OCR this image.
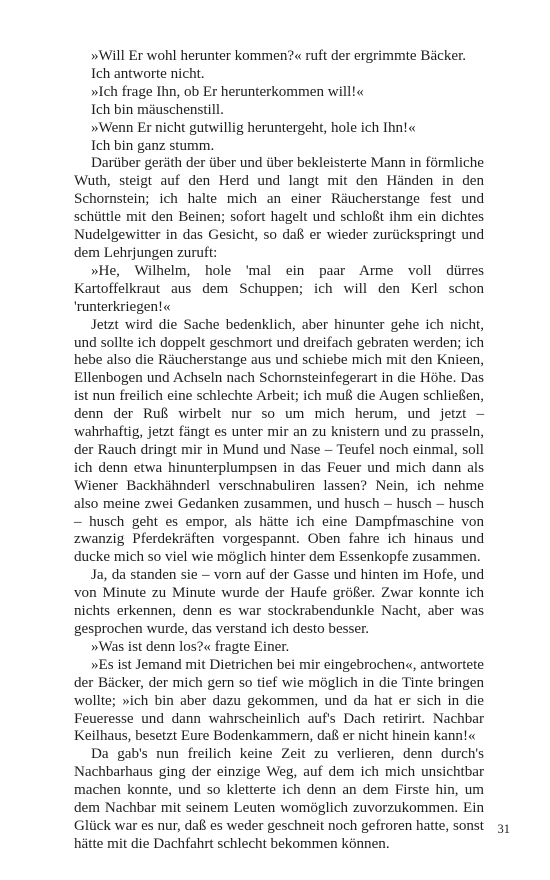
»Will Er wohl herunter kommen?« ruft der ergrimmte Bäcker.

Ich antworte nicht.

»Ich frage Ihn, ob Er herunterkommen will!«

Ich bin mäuschenstill.

»Wenn Er nicht gutwillig heruntergeht, hole ich Ihn!«

Ich bin ganz stumm.

Darüber geräth der über und über bekleisterte Mann in förmliche Wuth, steigt auf den Herd und langt mit den Händen in den Schornstein; ich halte mich an einer Räucherstange fest und schüttle mit den Beinen; sofort hagelt und schloßt ihm ein dichtes Nudelgewitter in das Gesicht, so daß er wieder zurückspringt und dem Lehrjungen zuruft:

»He, Wilhelm, hole 'mal ein paar Arme voll dürres Kartoffelkraut aus dem Schuppen; ich will den Kerl schon 'runterkriegen!«

Jetzt wird die Sache bedenklich, aber hinunter gehe ich nicht, und sollte ich doppelt geschmort und dreifach gebraten werden; ich hebe also die Räucherstange aus und schiebe mich mit den Knieen, Ellenbogen und Achseln nach Schornsteinfegerart in die Höhe. Das ist nun freilich eine schlechte Arbeit; ich muß die Augen schließen, denn der Ruß wirbelt nur so um mich herum, und jetzt – wahrhaftig, jetzt fängt es unter mir an zu knistern und zu prasseln, der Rauch dringt mir in Mund und Nase – Teufel noch einmal, soll ich denn etwa hinunterplumpsen in das Feuer und mich dann als Wiener Backhähnderl verschnabuliren lassen? Nein, ich nehme also meine zwei Gedanken zusammen, und husch – husch – husch – husch geht es empor, als hätte ich eine Dampfmaschine von zwanzig Pferdekräften vorgespannt. Oben fahre ich hinaus und ducke mich so viel wie möglich hinter dem Essenkopfe zusammen.

Ja, da standen sie – vorn auf der Gasse und hinten im Hofe, und von Minute zu Minute wurde der Haufe größer. Zwar konnte ich nichts erkennen, denn es war stockrabendunkle Nacht, aber was gesprochen wurde, das verstand ich desto besser.

»Was ist denn los?« fragte Einer.

»Es ist Jemand mit Dietrichen bei mir eingebrochen«, antwortete der Bäcker, der mich gern so tief wie möglich in die Tinte bringen wollte; »ich bin aber dazu gekommen, und da hat er sich in die Feueresse und dann wahrscheinlich auf's Dach retirirt. Nachbar Keilhaus, besetzt Eure Bodenkammern, daß er nicht hinein kann!«

Da gab's nun freilich keine Zeit zu verlieren, denn durch's Nachbarhaus ging der einzige Weg, auf dem ich mich unsichtbar machen konnte, und so kletterte ich denn an dem Firste hin, um dem Nachbar mit seinem Leuten womöglich zuvorzukommen. Ein Glück war es nur, daß es weder geschneit noch gefroren hatte, sonst hätte mit die Dachfahrt schlecht bekommen können.

31
